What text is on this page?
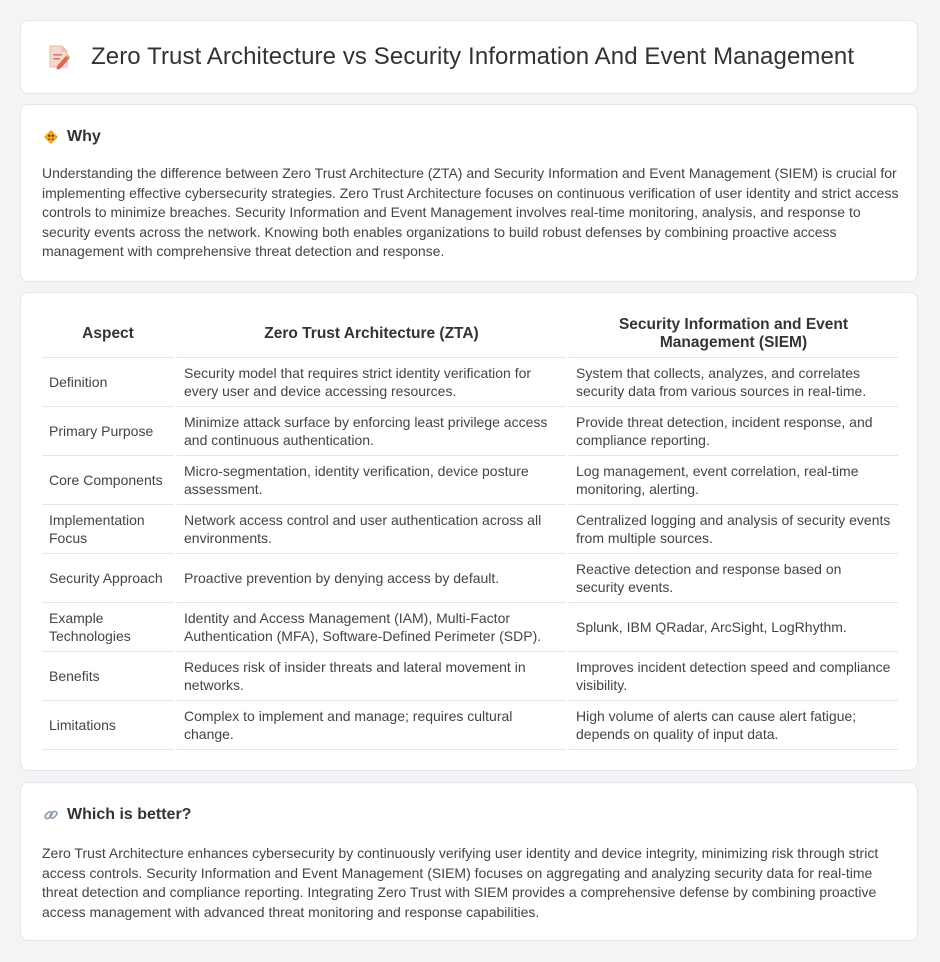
Zero Trust Architecture vs Security Information And Event Management
Why

Understanding the difference between Zero Trust Architecture (ZTA) and Security Information and Event Management (SIEM) is crucial for implementing effective cybersecurity strategies. Zero Trust Architecture focuses on continuous verification of user identity and strict access controls to minimize breaches. Security Information and Event Management involves real-time monitoring, analysis, and response to security events across the network. Knowing both enables organizations to build robust defenses by combining proactive access management with comprehensive threat detection and response.

Aspect	Zero Trust Architecture (ZTA)	Security Information and Event Management (SIEM)
Definition	Security model that requires strict identity verification for every user and device accessing resources.	System that collects, analyzes, and correlates security data from various sources in real-time.
Primary Purpose	Minimize attack surface by enforcing least privilege access and continuous authentication.	Provide threat detection, incident response, and compliance reporting.
Core Components	Micro-segmentation, identity verification, device posture assessment.	Log management, event correlation, real-time monitoring, alerting.
Implementation Focus	Network access control and user authentication across all environments.	Centralized logging and analysis of security events from multiple sources.
Security Approach	Proactive prevention by denying access by default.	Reactive detection and response based on security events.
Example Technologies	Identity and Access Management (IAM), Multi-Factor Authentication (MFA), Software-Defined Perimeter (SDP).	Splunk, IBM QRadar, ArcSight, LogRhythm.
Benefits	Reduces risk of insider threats and lateral movement in networks.	Improves incident detection speed and compliance visibility.
Limitations	Complex to implement and manage; requires cultural change.	High volume of alerts can cause alert fatigue; depends on quality of input data.
Which is better?

Zero Trust Architecture enhances cybersecurity by continuously verifying user identity and device integrity, minimizing risk through strict access controls. Security Information and Event Management (SIEM) focuses on aggregating and analyzing security data for real-time threat detection and compliance reporting. Integrating Zero Trust with SIEM provides a comprehensive defense by combining proactive access management with advanced threat monitoring and response capabilities.
